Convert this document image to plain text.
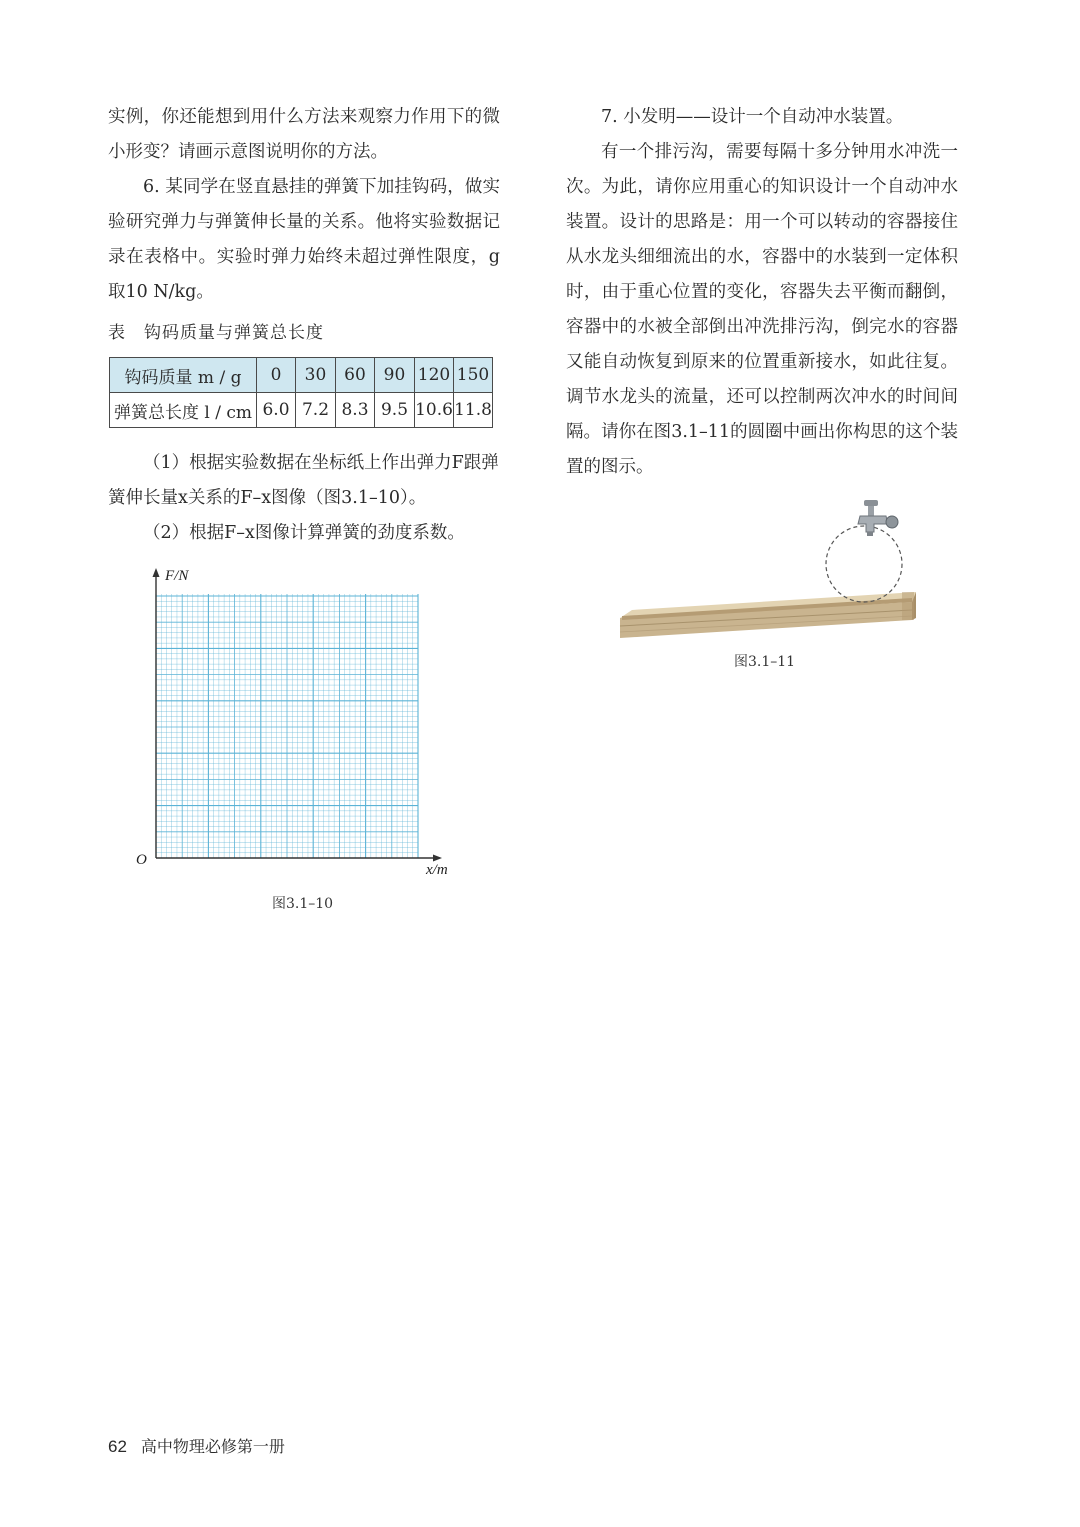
实例，你还能想到用什么方法来观察力作用下的微小形变？请画示意图说明你的方法。

6. 某同学在竖直悬挂的弹簧下加挂钩码，做实验研究弹力与弹簧伸长量的关系。他将实验数据记录在表格中。实验时弹力始终未超过弹性限度，g取10 N/kg。

表　钩码质量与弹簧总长度
钩码质量 m / g	0	30	60	90	120	150
弹簧总长度 l / cm	6.0	7.2	8.3	9.5	10.6	11.8
（1）根据实验数据在坐标纸上作出弹力F跟弹簧伸长量x关系的F–x图像（图3.1–10）。
（2）根据F–x图像计算弹簧的劲度系数。
F/N
O
x/m
图3.1–10

7. 小发明——设计一个自动冲水装置。

有一个排污沟，需要每隔十多分钟用水冲洗一次。为此，请你应用重心的知识设计一个自动冲水装置。设计的思路是：用一个可以转动的容器接住从水龙头细细流出的水，容器中的水装到一定体积时，由于重心位置的变化，容器失去平衡而翻倒，容器中的水被全部倒出冲洗排污沟，倒完水的容器又能自动恢复到原来的位置重新接水，如此往复。调节水龙头的流量，还可以控制两次冲水的时间间隔。请你在图3.1–11的圆圈中画出你构思的这个装置的图示。

图3.1–11
62 高中物理必修第一册
